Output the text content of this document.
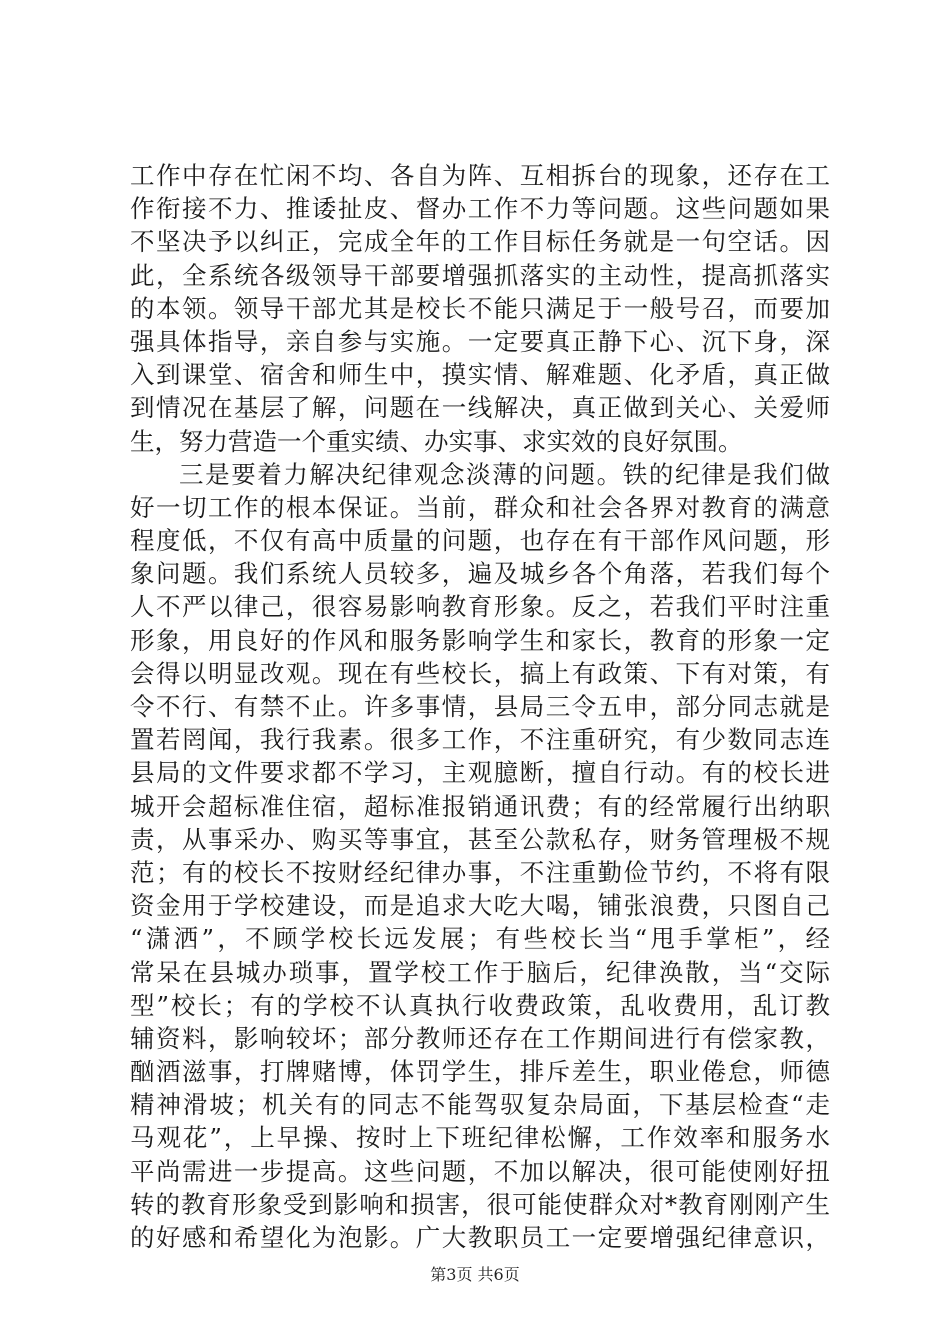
工作中存在忙闲不均、各自为阵、互相拆台的现象，还存在工
作衔接不力、推诿扯皮、督办工作不力等问题。这些问题如果
不坚决予以纠正，完成全年的工作目标任务就是一句空话。因
此，全系统各级领导干部要增强抓落实的主动性，提高抓落实
的本领。领导干部尤其是校长不能只满足于一般号召，而要加
强具体指导，亲自参与实施。一定要真正静下心、沉下身，深
入到课堂、宿舍和师生中，摸实情、解难题、化矛盾，真正做
到情况在基层了解，问题在一线解决，真正做到关心、关爱师
生，努力营造一个重实绩、办实事、求实效的良好氛围。
三是要着力解决纪律观念淡薄的问题。铁的纪律是我们做
好一切工作的根本保证。当前，群众和社会各界对教育的满意
程度低，不仅有高中质量的问题，也存在有干部作风问题，形
象问题。我们系统人员较多，遍及城乡各个角落，若我们每个
人不严以律己，很容易影响教育形象。反之，若我们平时注重
形象，用良好的作风和服务影响学生和家长，教育的形象一定
会得以明显改观。现在有些校长，搞上有政策、下有对策，有
令不行、有禁不止。许多事情，县局三令五申，部分同志就是
置若罔闻，我行我素。很多工作，不注重研究，有少数同志连
县局的文件要求都不学习，主观臆断，擅自行动。有的校长进
城开会超标准住宿，超标准报销通讯费；有的经常履行出纳职
责，从事采办、购买等事宜，甚至公款私存，财务管理极不规
范；有的校长不按财经纪律办事，不注重勤俭节约，不将有限
资金用于学校建设，而是追求大吃大喝，铺张浪费，只图自己
“潇洒”，不顾学校长远发展；有些校长当“甩手掌柜”，经
常呆在县城办琐事，置学校工作于脑后，纪律涣散，当“交际
型”校长；有的学校不认真执行收费政策，乱收费用，乱订教
辅资料，影响较坏；部分教师还存在工作期间进行有偿家教，
酗酒滋事，打牌赌博，体罚学生，排斥差生，职业倦怠，师德
精神滑坡；机关有的同志不能驾驭复杂局面，下基层检查“走
马观花”，上早操、按时上下班纪律松懈，工作效率和服务水
平尚需进一步提高。这些问题，不加以解决，很可能使刚好扭
转的教育形象受到影响和损害，很可能使群众对*教育刚刚产生
的好感和希望化为泡影。广大教职员工一定要增强纪律意识，
第3页 共6页
